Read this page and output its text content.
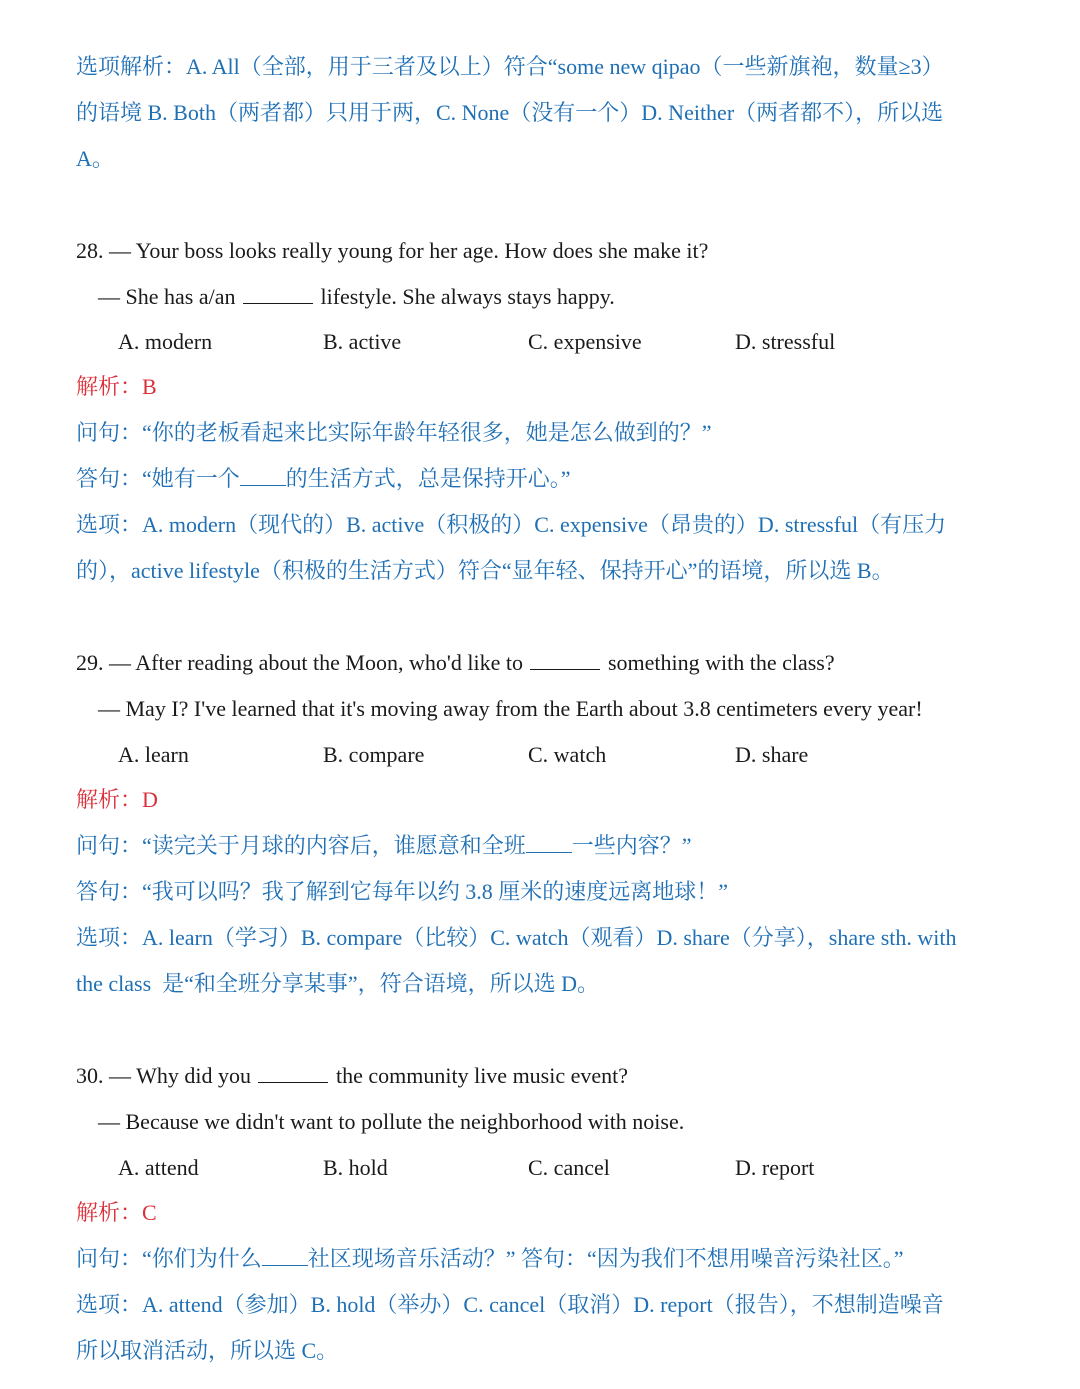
选项解析：A. All（全部，用于三者及以上）符合“some new qipao（一些新旗袍，数量≥3）
的语境 B. Both（两者都）只用于两，C. None（没有一个）D. Neither（两者都不），所以选
A。
28. — Your boss looks really young for her age. How does she make it?
— She has a/an	lifestyle. She always stays happy.
A. modern	B. active	C. expensive	D. stressful
解析：B
问句：“你的老板看起来比实际年龄年轻很多，她是怎么做到的？”
答句：“她有一个 的生活方式，总是保持开心。”
选项：A. modern（现代的）B. active（积极的）C. expensive（昂贵的）D. stressful（有压力
的），active lifestyle（积极的生活方式）符合“显年轻、保持开心”的语境，所以选 B。
29. — After reading about the Moon, who'd like to	something with the class?
— May I? I've learned that it's moving away from the Earth about 3.8 centimeters every year!
A. learn	B. compare	C. watch	D. share
解析：D
问句：“读完关于月球的内容后，谁愿意和全班 一些内容？”
答句：“我可以吗？我了解到它每年以约 3.8 厘米的速度远离地球！”
选项：A. learn（学习）B. compare（比较）C. watch（观看）D. share（分享），share sth. with
the class  是“和全班分享某事”，符合语境，所以选 D。
30. — Why did you	the community live music event?
— Because we didn't want to pollute the neighborhood with noise.
A. attend	B. hold	C. cancel	D. report
解析：C
问句：“你们为什么 社区现场音乐活动？” 答句：“因为我们不想用噪音污染社区。”
选项：A. attend（参加）B. hold（举办）C. cancel（取消）D. report（报告），不想制造噪音
所以取消活动，所以选 C。
